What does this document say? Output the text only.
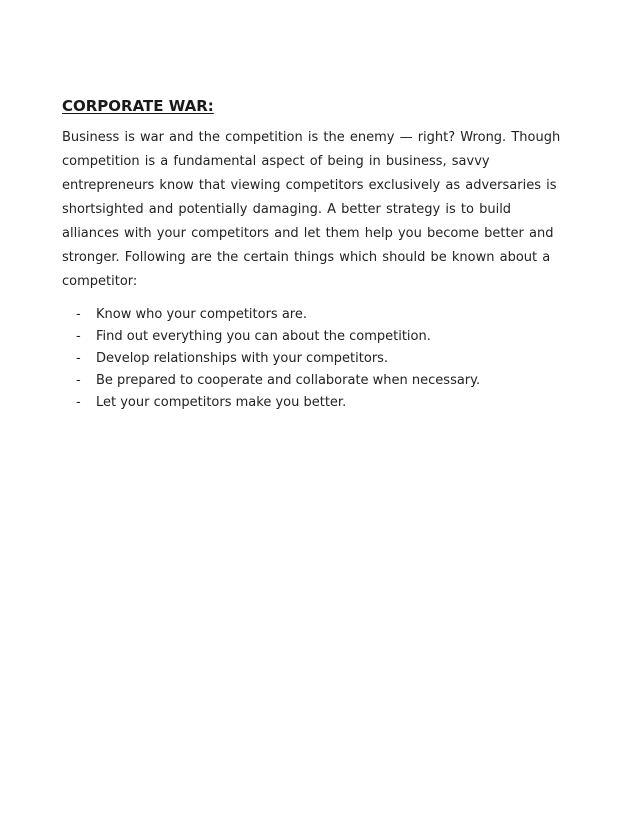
CORPORATE WAR:

Business is war and the competition is the enemy — right? Wrong. Though competition is a fundamental aspect of being in business, savvy entrepreneurs know that viewing competitors exclusively as adversaries is shortsighted and potentially damaging. A better strategy is to build alliances with your competitors and let them help you become better and stronger. Following are the certain things which should be known about a competitor:

- Know who your competitors are.
- Find out everything you can about the competition.
- Develop relationships with your competitors.
- Be prepared to cooperate and collaborate when necessary.
- Let your competitors make you better.
